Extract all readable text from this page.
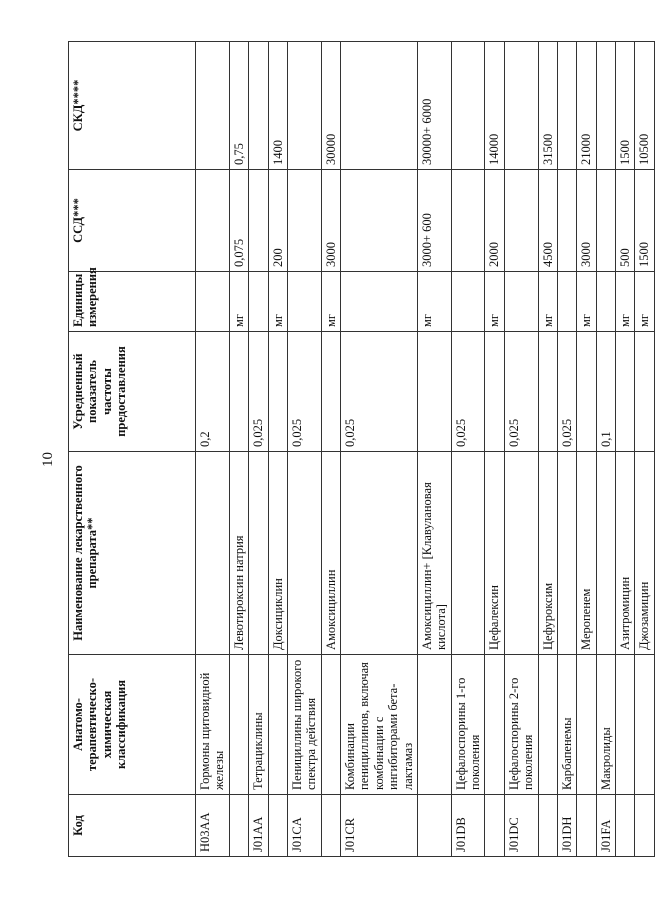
10
Код	Анатомо-терапевтическо-химическая классификация	Наименование лекарственного препарата**	Усредненный показатель частоты предоставления	Единицы измерения	ССД***	СКД****
H03AA	Гормоны щитовидной железы		0,2			
		Левотироксин натрия		мг	0,075	0,75
J01AA	Тетрациклины		0,025			
		Доксициклин		мг	200	1400
J01CA	Пенициллины широкого спектра действия		0,025			
		Амоксициллин		мг	3000	30000
J01CR	Комбинации пенициллинов, включая комбинации с ингибиторами бета-лактамаз		0,025			
		Амоксициллин+ [Клавулановая кислота]		мг	3000+ 600	30000+ 6000
J01DB	Цефалоспорины 1-го поколения		0,025			
		Цефалексин		мг	2000	14000
J01DC	Цефалоспорины 2-го поколения		0,025			
		Цефуроксим		мг	4500	31500
J01DH	Карбапенемы		0,025			
		Меропенем		мг	3000	21000
J01FA	Макролиды		0,1			
		Азитромицин		мг	500	1500
		Джозамицин		мг	1500	10500
